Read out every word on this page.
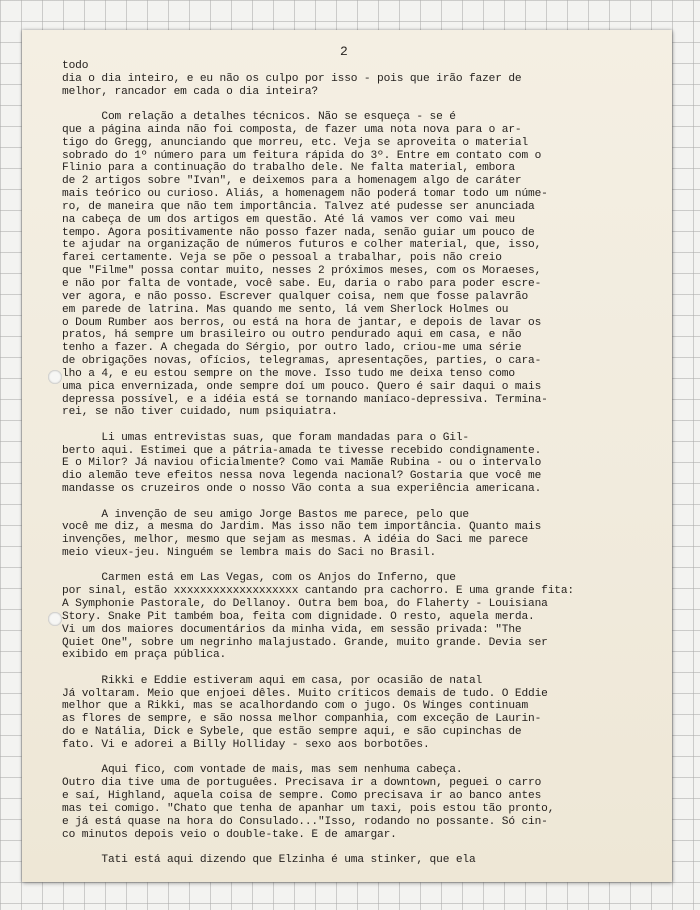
2
todo
dia o dia inteiro, e eu não os culpo por isso - pois que irão fazer de
melhor, rancador em cada o dia inteira?
Com relação a detalhes técnicos. Não se esqueça - se é
que a página ainda não foi composta, de fazer uma nota nova para o ar-
tigo do Gregg, anunciando que morreu, etc. Veja se aproveita o material
sobrado do 1º número para um feitura rápida do 3º. Entre em contato com o
Flinio para a continuação do trabalho dele. Ne falta material, embora
de 2 artigos sobre "Ivan", e deixemos para a homenagem algo de caráter
mais teórico ou curioso. Aliás, a homenagem não poderá tomar todo um núme-
ro, de maneira que não tem importância. Talvez até pudesse ser anunciada
na cabeça de um dos artigos em questão. Até lá vamos ver como vai meu
tempo. Agora positivamente não posso fazer nada, senão guiar um pouco de
te ajudar na organização de números futuros e colher material, que, isso,
farei certamente. Veja se põe o pessoal a trabalhar, pois não creio
que "Filme" possa contar muito, nesses 2 próximos meses, com os Moraeses,
e não por falta de vontade, você sabe. Eu, daria o rabo para poder escre-
ver agora, e não posso. Escrever qualquer coisa, nem que fosse palavrão
em parede de latrina. Mas quando me sento, lá vem Sherlock Holmes ou
o Doum Rumber aos berros, ou está na hora de jantar, e depois de lavar os
pratos, há sempre um brasileiro ou outro pendurado aqui em casa, e não
tenho a fazer. A chegada do Sérgio, por outro lado, criou-me uma série
de obrigações novas, ofícios, telegramas, apresentações, parties, o cara-
lho a 4, e eu estou sempre on the move. Isso tudo me deixa tenso como
uma pica envernizada, onde sempre doí um pouco. Quero é sair daqui o mais
depressa possível, e a idéia está se tornando maníaco-depressiva. Termina-
rei, se não tiver cuidado, num psiquiatra.
Li umas entrevistas suas, que foram mandadas para o Gil-
berto aqui. Estimei que a pátria-amada te tivesse recebido condignamente.
E o Milor? Já naviou oficialmente? Como vai Mamãe Rubina - ou o intervalo
dio alemão teve efeitos nessa nova legenda nacional? Gostaria que você me
mandasse os cruzeiros onde o nosso Vão conta a sua experiência americana.
A invenção de seu amigo Jorge Bastos me parece, pelo que
você me diz, a mesma do Jardim. Mas isso não tem importância. Quanto mais
invenções, melhor, mesmo que sejam as mesmas. A idéia do Saci me parece
meio vieux-jeu. Ninguém se lembra mais do Saci no Brasil.
Carmen está em Las Vegas, com os Anjos do Inferno, que
por sinal, estão xxxxxxxxxxxxxxxxxxx cantando pra cachorro. E uma grande fita:
A Symphonie Pastorale, do Dellanoy. Outra bem boa, do Flaherty - Louisiana
Story. Snake Pit também boa, feita com dignidade. O resto, aquela merda.
Vi um dos maiores documentários da minha vida, em sessão privada: "The
Quiet One", sobre um negrinho malajustado. Grande, muito grande. Devia ser
exibido em praça pública.
Rikki e Eddie estiveram aqui em casa, por ocasião de natal
Já voltaram. Meio que enjoei dêles. Muito críticos demais de tudo. O Eddie
melhor que a Rikki, mas se acalhordando com o jugo. Os Winges continuam
as flores de sempre, e são nossa melhor companhia, com exceção de Laurin-
do e Natália, Dick e Sybele, que estão sempre aqui, e são cupinchas de
fato. Vi e adorei a Billy Holliday - sexo aos borbotões.
Aqui fico, com vontade de mais, mas sem nenhuma cabeça.
Outro dia tive uma de portuguêes. Precisava ir a downtown, peguei o carro
e saí, Highland, aquela coisa de sempre. Como precisava ir ao banco antes
mas tei comigo. "Chato que tenha de apanhar um taxi, pois estou tão pronto,
e já está quase na hora do Consulado..."Isso, rodando no possante. Só cin-
co minutos depois veio o double-take. É de amargar.
Tati está aqui dizendo que Elzinha é uma stinker, que ela
